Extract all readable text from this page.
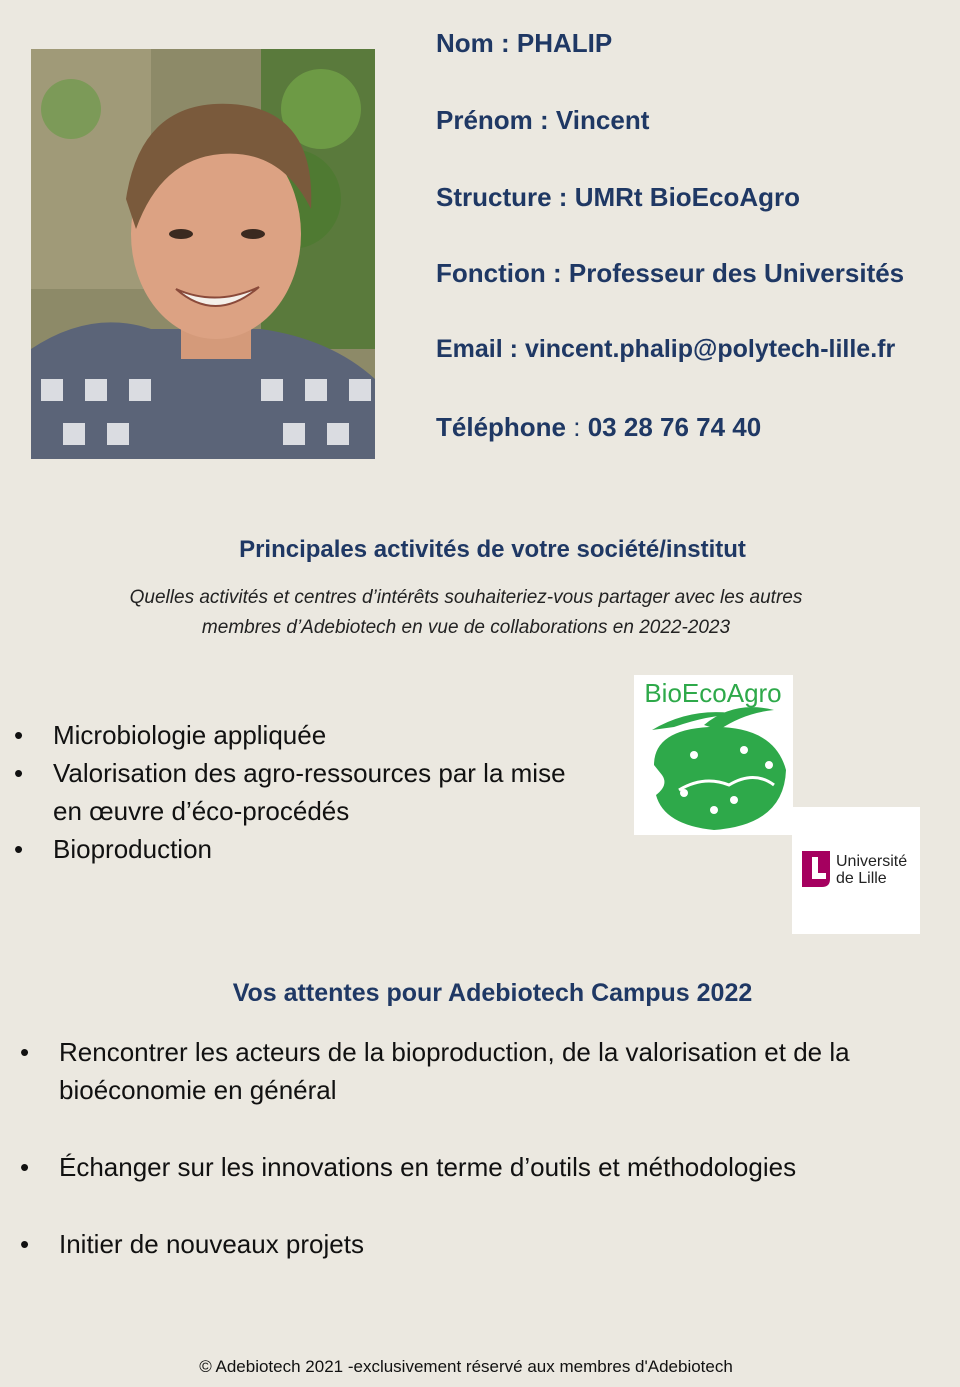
Nom : PHALIP
Prénom : Vincent
Structure : UMRt BioEcoAgro
Fonction : Professeur des Universités
Email : vincent.phalip@polytech-lille.fr
Téléphone : 03 28 76 74 40
Principales activités de votre société/institut
Quelles activités et centres d’intérêts souhaiteriez-vous partager avec les autres
membres d’Adebiotech en vue de collaborations en 2022-2023
• Microbiologie appliquée
• Valorisation des agro-ressources par la mise en œuvre d’éco-procédés
• Bioproduction
BioEcoAgro
Université
de Lille
Vos attentes pour Adebiotech Campus 2022
• Rencontrer les acteurs de la bioproduction, de la valorisation et de la bioéconomie en général
• Échanger sur les innovations en terme d’outils et méthodologies
• Initier de nouveaux projets
© Adebiotech 2021 -exclusivement réservé aux membres d'Adebiotech
